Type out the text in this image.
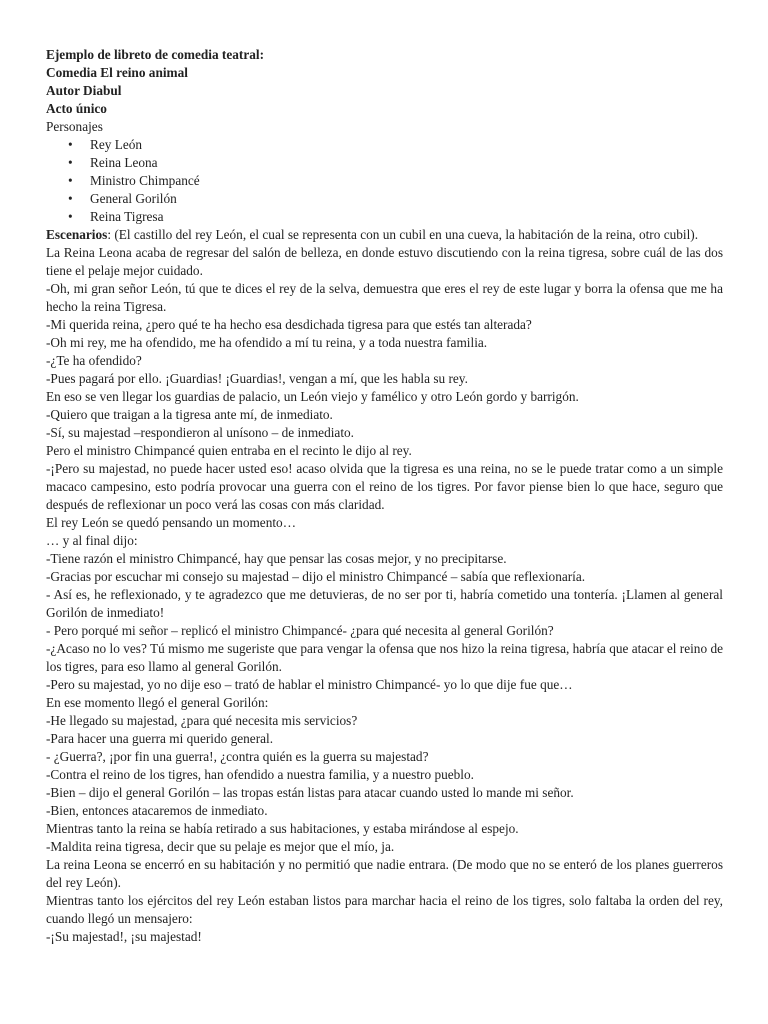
Ejemplo de libreto de comedia teatral:

Comedia El reino animal

Autor Diabul

Acto único

Personajes

• Rey León
• Reina Leona
• Ministro Chimpancé
• General Gorilón
• Reina Tigresa

Escenarios: (El castillo del rey León, el cual se representa con un cubil en una cueva, la habitación de la reina, otro cubil).

La Reina Leona acaba de regresar del salón de belleza, en donde estuvo discutiendo con la reina tigresa, sobre cuál de las dos tiene el pelaje mejor cuidado.

-Oh, mi gran señor León, tú que te dices el rey de la selva, demuestra que eres el rey de este lugar y borra la ofensa que me ha hecho la reina Tigresa.

-Mi querida reina, ¿pero qué te ha hecho esa desdichada tigresa para que estés tan alterada?

-Oh mi rey, me ha ofendido, me ha ofendido a mí tu reina, y a toda nuestra familia.

-¿Te ha ofendido?

-Pues pagará por ello. ¡Guardias! ¡Guardias!, vengan a mí, que les habla su rey.

En eso se ven llegar los guardias de palacio, un León viejo y famélico y otro León gordo y barrigón.

-Quiero que traigan a la tigresa ante mí, de inmediato.

-Sí, su majestad –respondieron al unísono – de inmediato.

Pero el ministro Chimpancé quien entraba en el recinto le dijo al rey.

-¡Pero su majestad, no puede hacer usted eso! acaso olvida que la tigresa es una reina, no se le puede tratar como a un simple macaco campesino, esto podría provocar una guerra con el reino de los tigres. Por favor piense bien lo que hace, seguro que después de reflexionar un poco verá las cosas con más claridad.

El rey León se quedó pensando un momento…

… y al final dijo:

-Tiene razón el ministro Chimpancé, hay que pensar las cosas mejor, y no precipitarse.

-Gracias por escuchar mi consejo su majestad – dijo el ministro Chimpancé – sabía que reflexionaría.

- Así es, he reflexionado, y te agradezco que me detuvieras, de no ser por ti, habría cometido una tontería. ¡Llamen al general Gorilón de inmediato!

- Pero porqué mi señor – replicó el ministro Chimpancé- ¿para qué necesita al general Gorilón?

-¿Acaso no lo ves? Tú mismo me sugeriste que para vengar la ofensa que nos hizo la reina tigresa, habría que atacar el reino de los tigres, para eso llamo al general Gorilón.

-Pero su majestad, yo no dije eso – trató de hablar el ministro Chimpancé- yo lo que dije fue que…

En ese momento llegó el general Gorilón:

-He llegado su majestad, ¿para qué necesita mis servicios?

-Para hacer una guerra mi querido general.

- ¿Guerra?, ¡por fin una guerra!, ¿contra quién es la guerra su majestad?

-Contra el reino de los tigres, han ofendido a nuestra familia, y a nuestro pueblo.

-Bien – dijo el general Gorilón – las tropas están listas para atacar cuando usted lo mande mi señor.

-Bien, entonces atacaremos de inmediato.

Mientras tanto la reina se había retirado a sus habitaciones, y estaba mirándose al espejo.

-Maldita reina tigresa, decir que su pelaje es mejor que el mío, ja.

La reina Leona se encerró en su habitación y no permitió que nadie entrara. (De modo que no se enteró de los planes guerreros del rey León).

Mientras tanto los ejércitos del rey León estaban listos para marchar hacia el reino de los tigres, solo faltaba la orden del rey, cuando llegó un mensajero:

-¡Su majestad!, ¡su majestad!
